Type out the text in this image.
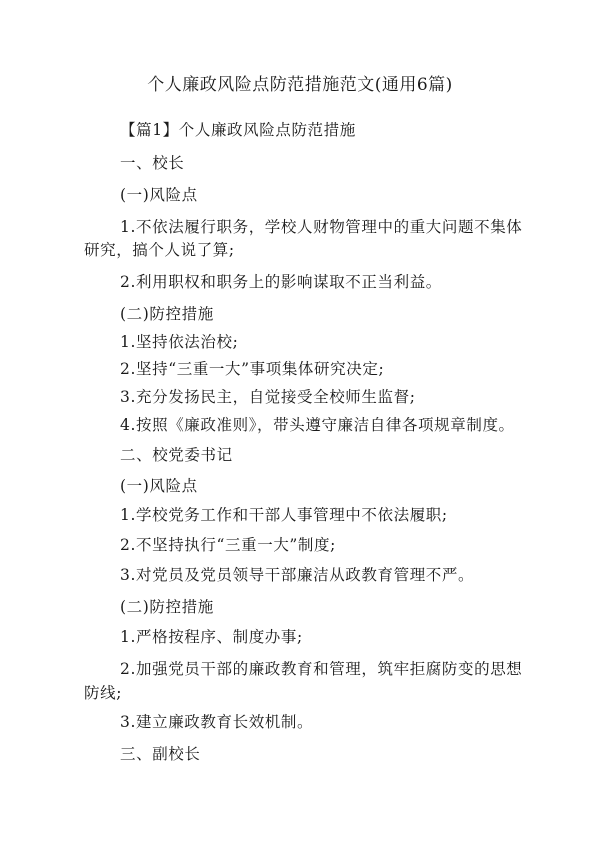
个人廉政风险点防范措施范文(通用6篇)
【篇1】个人廉政风险点防范措施
一、校长
(一)风险点
1.不依法履行职务，学校人财物管理中的重大问题不集体
研究，搞个人说了算;
2.利用职权和职务上的影响谋取不正当利益。
(二)防控措施
1.坚持依法治校;
2.坚持“三重一大”事项集体研究决定;
3.充分发扬民主，自觉接受全校师生监督;
4.按照《廉政准则》，带头遵守廉洁自律各项规章制度。
二、校党委书记
(一)风险点
1.学校党务工作和干部人事管理中不依法履职;
2.不坚持执行“三重一大”制度;
3.对党员及党员领导干部廉洁从政教育管理不严。
(二)防控措施
1.严格按程序、制度办事;
2.加强党员干部的廉政教育和管理，筑牢拒腐防变的思想
防线;
3.建立廉政教育长效机制。
三、副校长
